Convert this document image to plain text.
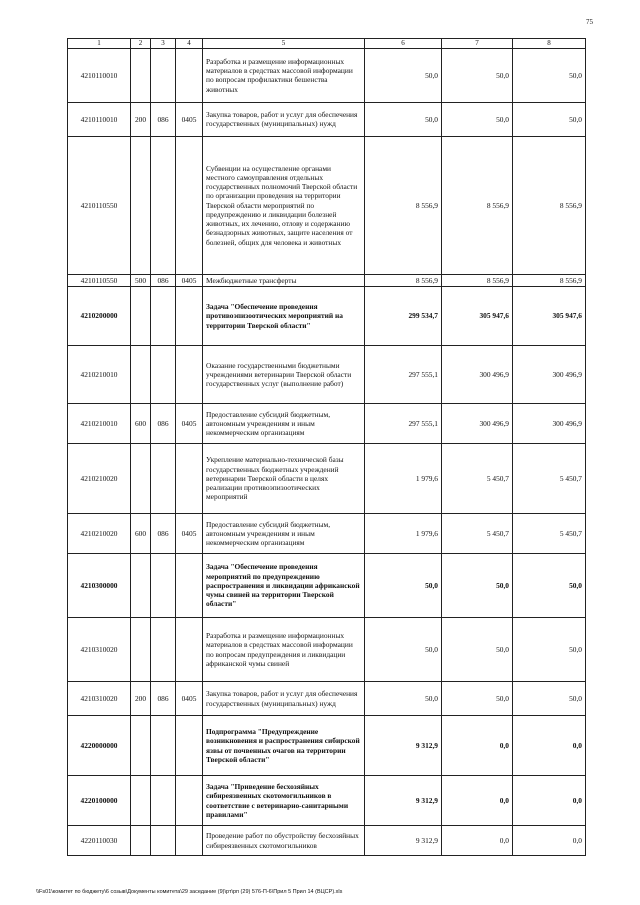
75
1	2	3	4	5	6	7	8
4210110010				Разработка и размещение информационных материалов в средствах массовой информации по вопросам профилактики бешенства животных	50,0	50,0	50,0
4210110010	200	086	0405	Закупка товаров, работ и услуг для обеспечения государственных (муниципальных) нужд	50,0	50,0	50,0
4210110550				Субвенции на осуществление органами местного самоуправления отдельных государственных полномочий Тверской области по организации проведения на территории Тверской области мероприятий по предупреждению и ликвидации болезней животных, их лечению, отлову и содержанию безнадзорных животных, защите населения от болезней, общих для человека и животных	8 556,9	8 556,9	8 556,9
4210110550	500	086	0405	Межбюджетные трансферты	8 556,9	8 556,9	8 556,9
4210200000				Задача "Обеспечение проведения противоэпизоотических мероприятий на территории Тверской области"	299 534,7	305 947,6	305 947,6
4210210010				Оказание государственными бюджетными учреждениями ветеринарии Тверской области государственных услуг (выполнение работ)	297 555,1	300 496,9	300 496,9
4210210010	600	086	0405	Предоставление субсидий бюджетным, автономным учреждениям и иным некоммерческим организациям	297 555,1	300 496,9	300 496,9
4210210020				Укрепление материально-технической базы государственных бюджетных учреждений ветеринарии Тверской области в целях реализации противоэпизоотических мероприятий	1 979,6	5 450,7	5 450,7
4210210020	600	086	0405	Предоставление субсидий бюджетным, автономным учреждениям и иным некоммерческим организациям	1 979,6	5 450,7	5 450,7
4210300000				Задача "Обеспечение проведения мероприятий по предупреждению распространения и ликвидации африканской чумы свиней на территории Тверской области"	50,0	50,0	50,0
4210310020				Разработка и размещение информационных материалов в средствах массовой информации по вопросам предупреждения и ликвидации африканской чумы свиней	50,0	50,0	50,0
4210310020	200	086	0405	Закупка товаров, работ и услуг для обеспечения государственных (муниципальных) нужд	50,0	50,0	50,0
4220000000				Подпрограмма "Предупреждение возникновения и распространения сибирской язвы от почвенных очагов на территории Тверской области"	9 312,9	0,0	0,0
4220100000				Задача "Приведение бесхозяйных сибиреязвенных скотомогильников в соответствие с ветеринарно-санитарными правилами"	9 312,9	0,0	0,0
4220110030				Проведение работ по обустройству бесхозяйных сибиреязвенных скотомогильников	9 312,9	0,0	0,0
\\Fs01\комитет по бюджету\6 созыв\Документы комитета\29 заседание (9)\рт\рп (29) 576-П-6\Прил 5 Прил 14 (ВЦСР).xls
